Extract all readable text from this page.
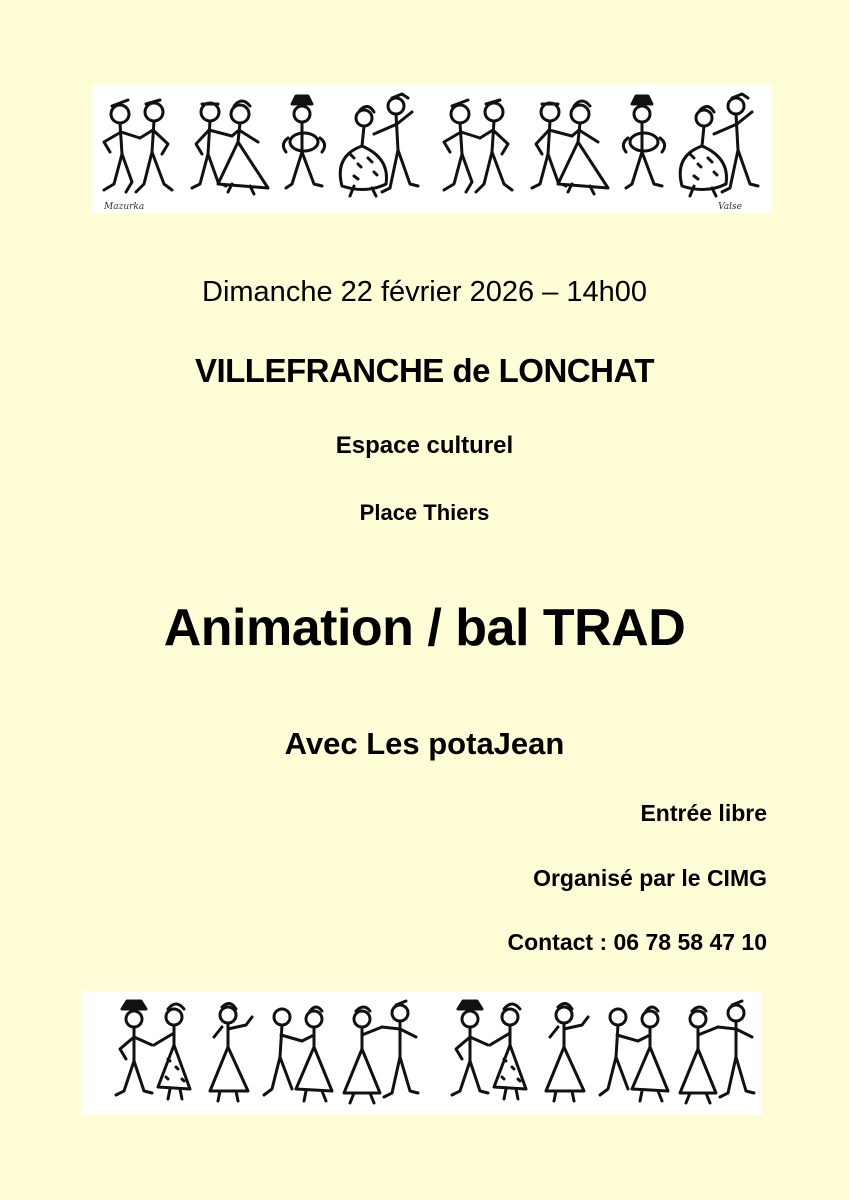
Mazurka	Valse
Dimanche 22 février 2026 – 14h00
VILLEFRANCHE de LONCHAT
Espace culturel
Place Thiers
Animation / bal TRAD
Avec Les potaJean
Entrée libre
Organisé par le CIMG
Contact : 06 78 58 47 10
